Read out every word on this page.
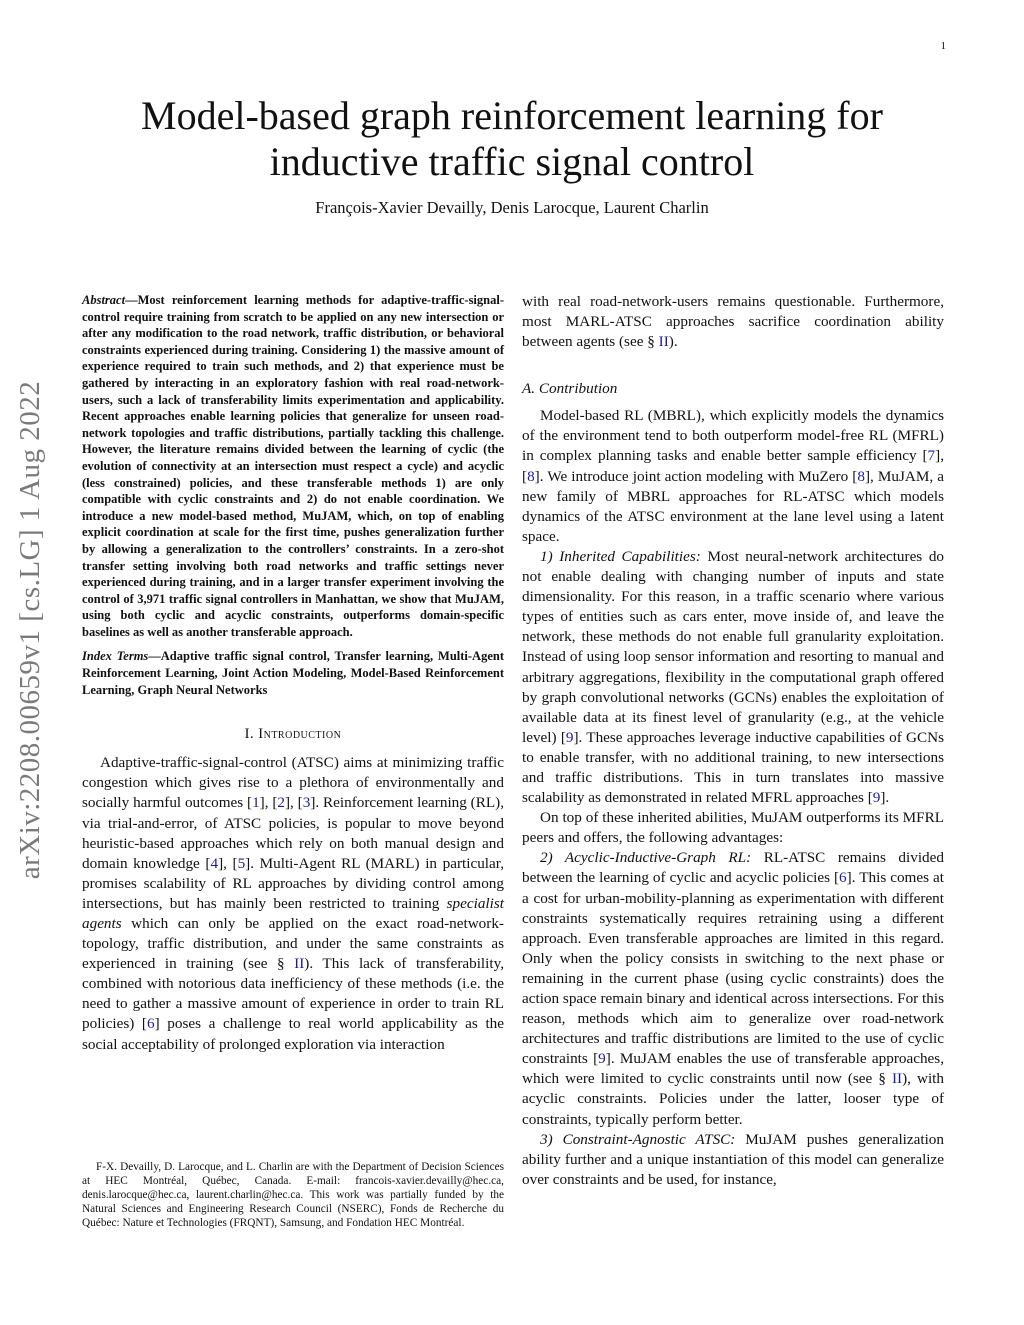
1
arXiv:2208.00659v1 [cs.LG] 1 Aug 2022
Model-based graph reinforcement learning for
inductive traffic signal control
François-Xavier Devailly, Denis Larocque, Laurent Charlin

Abstract—Most reinforcement learning methods for adaptive-traffic-signal-control require training from scratch to be applied on any new intersection or after any modification to the road network, traffic distribution, or behavioral constraints experienced during training. Considering 1) the massive amount of experience required to train such methods, and 2) that experience must be gathered by interacting in an exploratory fashion with real road-network-users, such a lack of transferability limits experimentation and applicability. Recent approaches enable learning policies that generalize for unseen road-network topologies and traffic distributions, partially tackling this challenge. However, the literature remains divided between the learning of cyclic (the evolution of connectivity at an intersection must respect a cycle) and acyclic (less constrained) policies, and these transferable methods 1) are only compatible with cyclic constraints and 2) do not enable coordination. We introduce a new model-based method, MuJAM, which, on top of enabling explicit coordination at scale for the first time, pushes generalization further by allowing a generalization to the controllers’ constraints. In a zero-shot transfer setting involving both road networks and traffic settings never experienced during training, and in a larger transfer experiment involving the control of 3,971 traffic signal controllers in Manhattan, we show that MuJAM, using both cyclic and acyclic constraints, outperforms domain-specific baselines as well as another transferable approach.

Index Terms—Adaptive traffic signal control, Transfer learning, Multi-Agent Reinforcement Learning, Joint Action Modeling, Model-Based Reinforcement Learning, Graph Neural Networks

I. Introduction

Adaptive-traffic-signal-control (ATSC) aims at minimizing traffic congestion which gives rise to a plethora of environmentally and socially harmful outcomes [1], [2], [3]. Reinforcement learning (RL), via trial-and-error, of ATSC policies, is popular to move beyond heuristic-based approaches which rely on both manual design and domain knowledge [4], [5]. Multi-Agent RL (MARL) in particular, promises scalability of RL approaches by dividing control among intersections, but has mainly been restricted to training specialist agents which can only be applied on the exact road-network-topology, traffic distribution, and under the same constraints as experienced in training (see § II). This lack of transferability, combined with notorious data inefficiency of these methods (i.e. the need to gather a massive amount of experience in order to train RL policies) [6] poses a challenge to real world applicability as the social acceptability of prolonged exploration via interaction

F-X. Devailly, D. Larocque, and L. Charlin are with the Department of Decision Sciences at HEC Montréal, Québec, Canada. E-mail: francois-xavier.devailly@hec.ca, denis.larocque@hec.ca, laurent.charlin@hec.ca. This work was partially funded by the Natural Sciences and Engineering Research Council (NSERC), Fonds de Recherche du Québec: Nature et Technologies (FRQNT), Samsung, and Fondation HEC Montréal.

with real road-network-users remains questionable. Furthermore, most MARL-ATSC approaches sacrifice coordination ability between agents (see § II).

A. Contribution

Model-based RL (MBRL), which explicitly models the dynamics of the environment tend to both outperform model-free RL (MFRL) in complex planning tasks and enable better sample efficiency [7], [8]. We introduce joint action modeling with MuZero [8], MuJAM, a new family of MBRL approaches for RL-ATSC which models dynamics of the ATSC environment at the lane level using a latent space.

1) Inherited Capabilities: Most neural-network architectures do not enable dealing with changing number of inputs and state dimensionality. For this reason, in a traffic scenario where various types of entities such as cars enter, move inside of, and leave the network, these methods do not enable full granularity exploitation. Instead of using loop sensor information and resorting to manual and arbitrary aggregations, flexibility in the computational graph offered by graph convolutional networks (GCNs) enables the exploitation of available data at its finest level of granularity (e.g., at the vehicle level) [9]. These approaches leverage inductive capabilities of GCNs to enable transfer, with no additional training, to new intersections and traffic distributions. This in turn translates into massive scalability as demonstrated in related MFRL approaches [9].

On top of these inherited abilities, MuJAM outperforms its MFRL peers and offers, the following advantages:

2) Acyclic-Inductive-Graph RL: RL-ATSC remains divided between the learning of cyclic and acyclic policies [6]. This comes at a cost for urban-mobility-planning as experimentation with different constraints systematically requires retraining using a different approach. Even transferable approaches are limited in this regard. Only when the policy consists in switching to the next phase or remaining in the current phase (using cyclic constraints) does the action space remain binary and identical across intersections. For this reason, methods which aim to generalize over road-network architectures and traffic distributions are limited to the use of cyclic constraints [9]. MuJAM enables the use of transferable approaches, which were limited to cyclic constraints until now (see § II), with acyclic constraints. Policies under the latter, looser type of constraints, typically perform better.

3) Constraint-Agnostic ATSC: MuJAM pushes generalization ability further and a unique instantiation of this model can generalize over constraints and be used, for instance,
